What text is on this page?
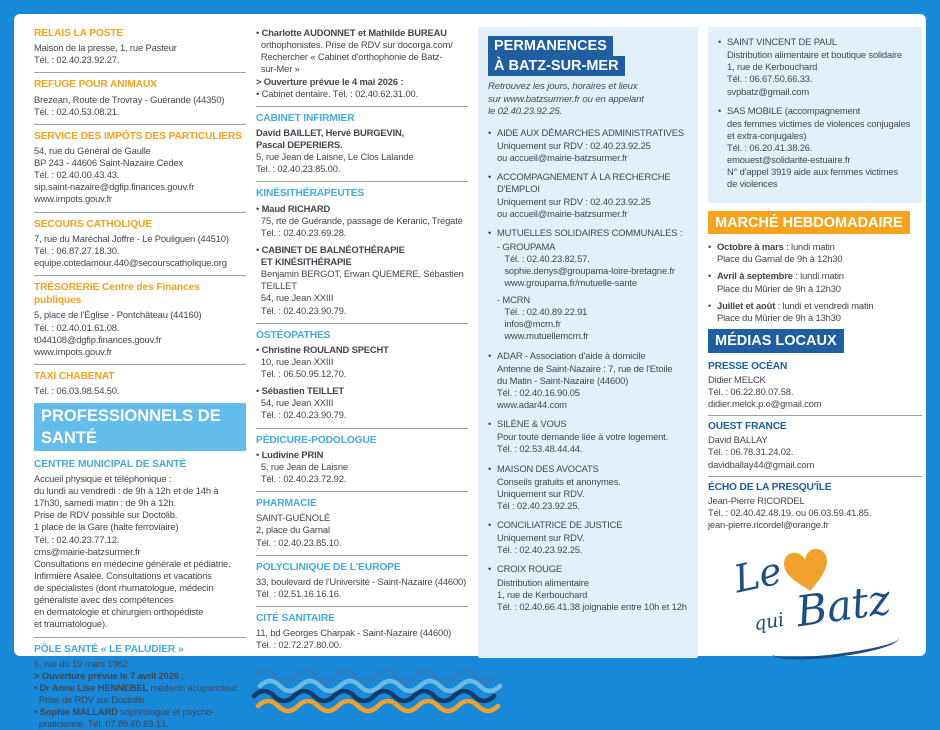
RELAIS LA POSTE
Maison de la presse, 1, rue Pasteur
Tél. : 02.40.23.92.27.
REFUGE POUR ANIMAUX
Brezean, Route de Trovray - Guérande (44350)
Tél. : 02.40.53.08.21.
SERVICE DES IMPÔTS DES PARTICULIERS
54, rue du Général de Gaulle
BP 243 - 44606 Saint-Nazaire Cedex
Tél. : 02.40.00.43.43.
sip.saint-nazaire@dgfip.finances.gouv.fr
www.impots.gouv.fr
SECOURS CATHOLIQUE
7, rue du Maréchal Joffre - Le Pouliguen (44510)
Tél. : 06.87.27.18.30.
equipe.cotedamour.440@secourscatholique.org
TRÉSORERIE Centre des Finances publiques
5, place de l'Église - Pontchâteau (44160)
Tél. : 02.40.01.61.08.
t044108@dgfip.finances.gouv.fr
www.impots.gouv.fr
TAXI CHABENAT
Tél. : 06.03.98.54.50.
PROFESSIONNELS DE SANTÉ
CENTRE MUNICIPAL DE SANTÉ
Accueil physique et téléphonique :
du lundi au vendredi : de 9h à 12h et de 14h à
17h30, samedi matin : de 9h à 12h.
Prise de RDV possible sur Doctolib.
1 place de la Gare (halte ferroviaire)
Tél. : 02.40.23.77.12.
cms@mairie-batzsurmer.fr
Consultations en médecine générale et pédiatrie.
Infirmière Asalée. Consultations et vacations
de spécialistes (dont rhumatologue, médecin
généraliste avec des compétences
en dermatologie et chirurgien orthopédiste
et traumatologue).
PÔLE SANTÉ « LE PALUDIER »
6, rue du 19 mars 1962
> Ouverture prévue le 7 avril 2026 :
• Dr Anne Lise HENNEBEL médecin acupuncteur.
Prise de RDV sur Doctolib.
• Sophie MALLARD sophrologue et psycho-
praticienne. Tél. 07.89.60.69.13.
• Charlotte AUDONNET et Mathilde BUREAU
orthophonistes. Prise de RDV sur docorga.com/
Rechercher « Cabinet d'orthophonie de Batz-
sur-Mer »
> Ouverture prévue le 4 mai 2026 :
• Cabinet dentaire. Tél. : 02.40.62.31.00.
CABINET INFIRMIER
David BAILLET, Hervé BURGEVIN,
Pascal DEPERIERS.
5, rue Jean de Laisne, Le Clos Lalande
Tel. : 02.40.23.85.00.
KINÉSITHÉRAPEUTES
• Maud RICHARD
75, rte de Guérande, passage de Keranic, Trégaté
Tél. : 02.40.23.69.28.
• CABINET DE BALNÉOTHÉRAPIE
ET KINÉSITHÉRAPIE
Benjamin BERGOT, Erwan QUEMERE, Sébastien
TEILLET
54, rue Jean XXIII
Tél. : 02.40.23.90.79.
OSTÉOPATHES
• Christine ROULAND SPECHT
10, rue Jean XXIII
Tél. : 06.50.95.12.70.
• Sébastien TEILLET
54, rue Jean XXIII
Tél. : 02.40.23.90.79.
PÉDICURE-PODOLOGUE
• Ludivine PRIN
5, rue Jean de Laisne
Tél. : 02.40.23.72.92.
PHARMACIE
SAINT-GUÉNOLÉ
2, place du Garnal
Tél. : 02.40.23.85.10.
POLYCLINIQUE DE L'EUROPE
33, boulevard de l'Université - Saint-Nazaire (44600)
Tél. : 02.51.16.16.16.
CITÉ SANITAIRE
11, bd Georges Charpak - Saint-Nazaire (44600)
Tél. : 02.72.27.80.00.
PERMANENCES
À BATZ-SUR-MER
Retrouvez les jours, horaires et lieux
sur www.batzsurmer.fr ou en appelant
le 02.40.23.92.25.
• AIDE AUX DÉMARCHES ADMINISTRATIVES
Uniquement sur RDV : 02.40.23.92.25
ou accueil@mairie-batzsurmer.fr
• ACCOMPAGNEMENT À LA RECHERCHE D'EMPLOI
Uniquement sur RDV : 02.40.23.92.25
ou accueil@mairie-batzsurmer.fr
• MUTUELLES SOLIDAIRES COMMUNALES :
- GROUPAMA
Tél. : 02.40.23.82.57.
sophie.denys@groupama-loire-bretagne.fr
www.groupama.fr/mutuelle-sante
- MCRN
Tél. : 02.40.89.22.91
infos@mcrn.fr
www.mutuellemcrn.fr
• ADAR - Association d'aide à domicile
Antenne de Saint-Nazaire : 7, rue de l'Etoile
du Matin - Saint-Nazaire (44600)
Tél. : 02.40.16.90.05
www.adar44.com
• SILÈNE & VOUS
Pour toute demande liée à votre logement.
Tél. : 02.53.48.44.44.
• MAISON DES AVOCATS
Conseils gratuits et anonymes.
Uniquement sur RDV.
Tél : 02.40.23.92.25.
• CONCILIATRICE DE JUSTICE
Uniquement sur RDV.
Tél. : 02.40.23.92.25.
• CROIX ROUGE
Distribution alimentaire
1, rue de Kerbouchard
Tél. : 02.40.66.41.38 joignable entre 10h et 12h
• SAINT VINCENT DE PAUL
Distribution alimentaire et boutique solidaire
1, rue de Kerbouchard
Tél. : 06.67.50.66.33.
svpbatz@gmail.com
• SAS MOBILE (accompagnement
des femmes victimes de violences conjugales
et extra-conjugales)
Tél. : 06.20.41.38.26.
emouest@solidarite-estuaire.fr
N° d'appel 3919 aide aux femmes victimes
de violences
MARCHÉ HEBDOMADAIRE
• Octobre à mars : lundi matin
Place du Garnal de 9h à 12h30
• Avril à septembre : lundi matin
Place du Mûrier de 9h à 12h30
• Juillet et août : lundi et vendredi matin
Place du Mûrier de 9h à 13h30
MÉDIAS LOCAUX
PRESSE OCÉAN
Didier MELCK
Tél. : 06.22.80.07.58.
didier.melck.p.o@gmail.com
OUEST FRANCE
David BALLAY
Tél. : 06.78.31.24.02.
davidballay44@gmail.com
ÉCHO DE LA PRESQU'ÎLE
Jean-Pierre RICORDEL
Tél. : 02.40.42.48.19. ou 06.03.59.41.85.
jean-pierre.ricordel@orange.fr
Le
qui Batz
